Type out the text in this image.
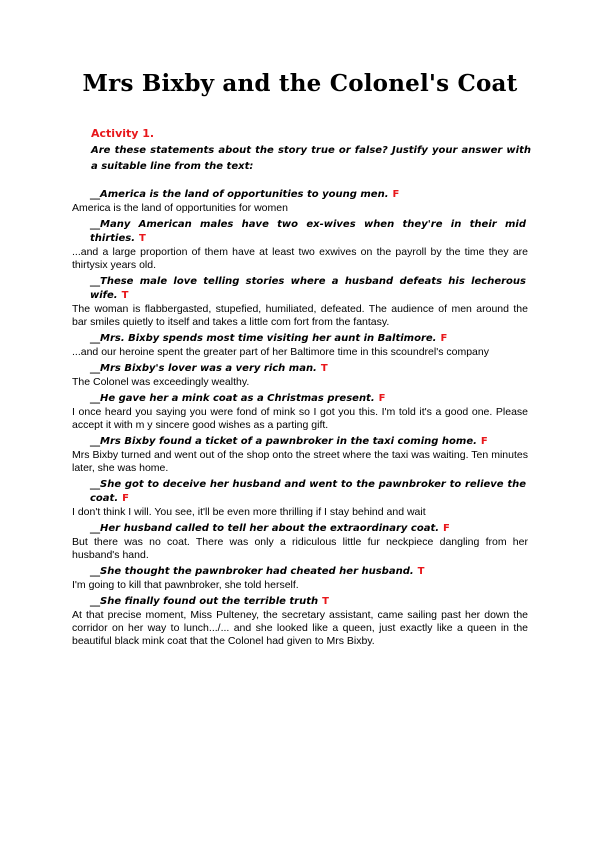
Mrs Bixby and the Colonel's Coat
Activity 1.
Are these statements about the story true or false? Justify your answer with a suitable line from the text:
__America is the land of opportunities to young men. F
America is the land of opportunities for women
__Many American males have two ex-wives when they're in their mid thirties. T
...and a large proportion of them have at least two exwives on the payroll by the time they are thirtysix years old.
__These male love telling stories where a husband defeats his lecherous wife. T
The woman is flabbergasted, stupefied, humiliated, defeated. The audience of men around the bar smiles quietly to itself and takes a little com fort from the fantasy.
__Mrs. Bixby spends most time visiting her aunt in Baltimore. F
...and our heroine spent the greater part of her Baltimore time in this scoundrel's company
__Mrs Bixby's lover was a very rich man. T
The Colonel was exceedingly wealthy.
__He gave her a mink coat as a Christmas present. F
I once heard you saying you were fond of mink so I got you this. I'm told it's a good one. Please accept it with m y sincere good wishes as a parting gift.
__Mrs Bixby found a ticket of a pawnbroker in the taxi coming home. F
Mrs Bixby turned and went out of the shop onto the street where the taxi was waiting. Ten minutes later, she was home.
__She got to deceive her husband and went to the pawnbroker to relieve the coat. F
I don't think I will. You see, it'll be even more thrilling if I stay behind and wait
__Her husband called to tell her about the extraordinary coat. F
But there was no coat. There was only a ridiculous little fur neckpiece dangling from her husband's hand.
__She thought the pawnbroker had cheated her husband. T
I'm going to kill that pawnbroker, she told herself.
__She finally found out the terrible truth T
At that precise moment, Miss Pulteney, the secretary assistant, came sailing past her down the corridor on her way to lunch.../... and she looked like a queen, just exactly like a queen in the beautiful black mink coat that the Colonel had given to Mrs Bixby.
